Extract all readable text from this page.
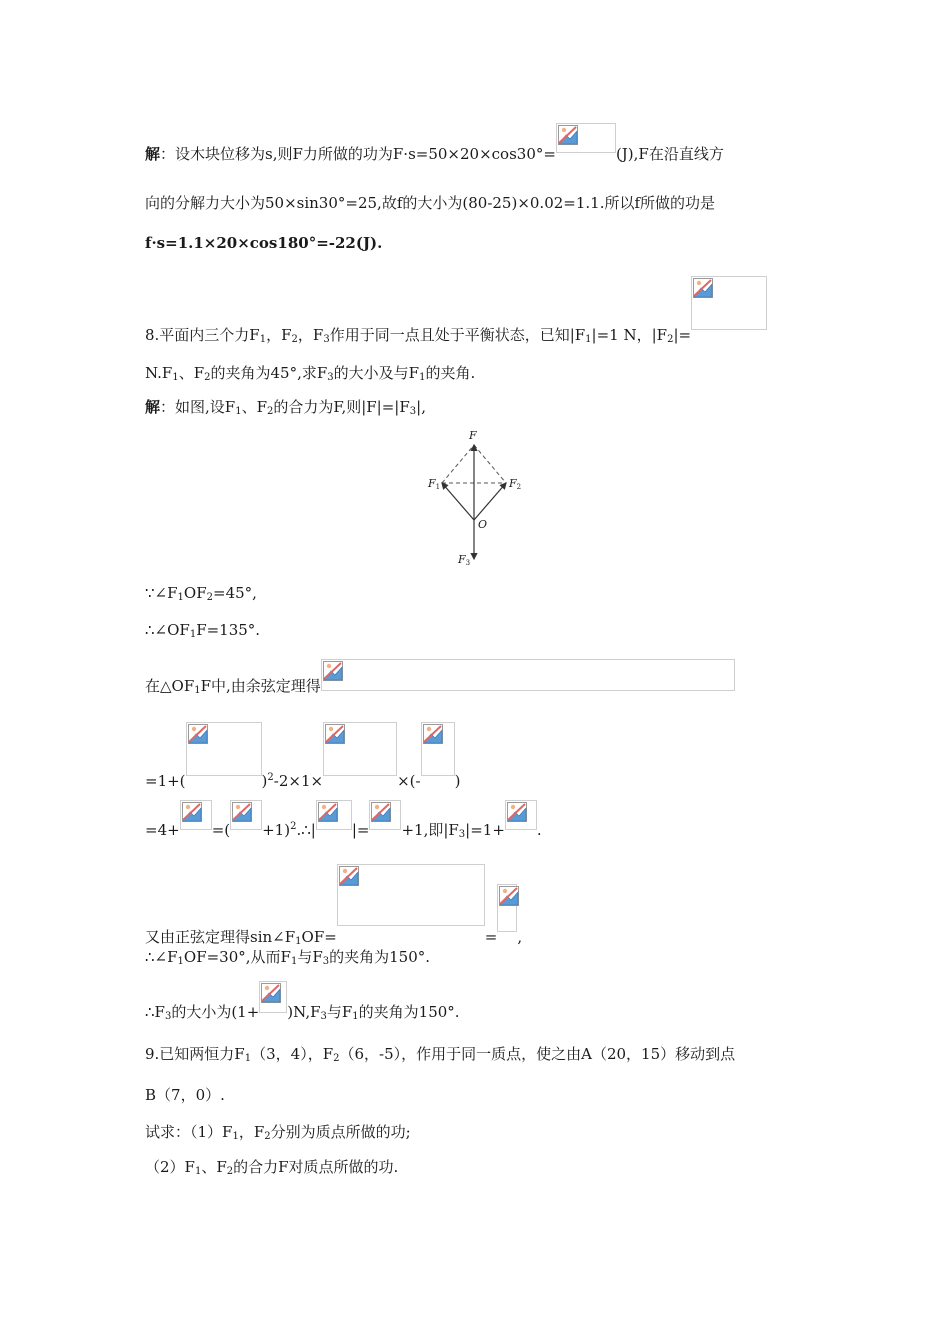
解：设木块位移为s,则F力所做的功为F·s=50×20×cos30°=	(J),F在沿直线方
向的分解力大小为50×sin30°=25,故f的大小为(80-25)×0.02=1.1.所以f所做的功是
f·s=1.1×20×cos180°=-22(J).
8.平面内三个力$F_1$，$F_2$，$F_3$作用于同一点且处于平衡状态，已知$|F_1|=1$ N，$|F_2|=$
$N.F_1$、$F_2$的夹角为45°,求$F_3$的大小及与$F_1$的夹角.
解：如图,设$F_1$、$F_2$的合力为F,则$|F|=|F_3|$,
F
F1	F2
O
F3
$\because\angle F_1OF_2=45^\circ$,
$\therefore\angle OF_1F=135^\circ$.
在$\triangle OF_1F$中,由余弦定理得
=1+(	)$^2$-2×1×	×(- )
=4+ =( +1)$^2$.∴| |= +1,即$|F_3|=1+$ .
又由正弦定理得$\sin\angle F_1OF=$	= ,
$\therefore\angle F_1OF=30^\circ$,从而$F_1$与$F_3$的夹角为150°.
$\therefore F_3$的大小为$(1+ )N,F_3$与$F_1$的夹角为150°.
9.已知两恒力$F_1(3$，4），$F_2(6$，-5），作用于同一质点，使之由A（20，15）移动到点
B（7，0）.
试求：$(1)F_1$，$F_2$分别为质点所做的功;
$(2)F_1$、$F_2$的合力F对质点所做的功.
